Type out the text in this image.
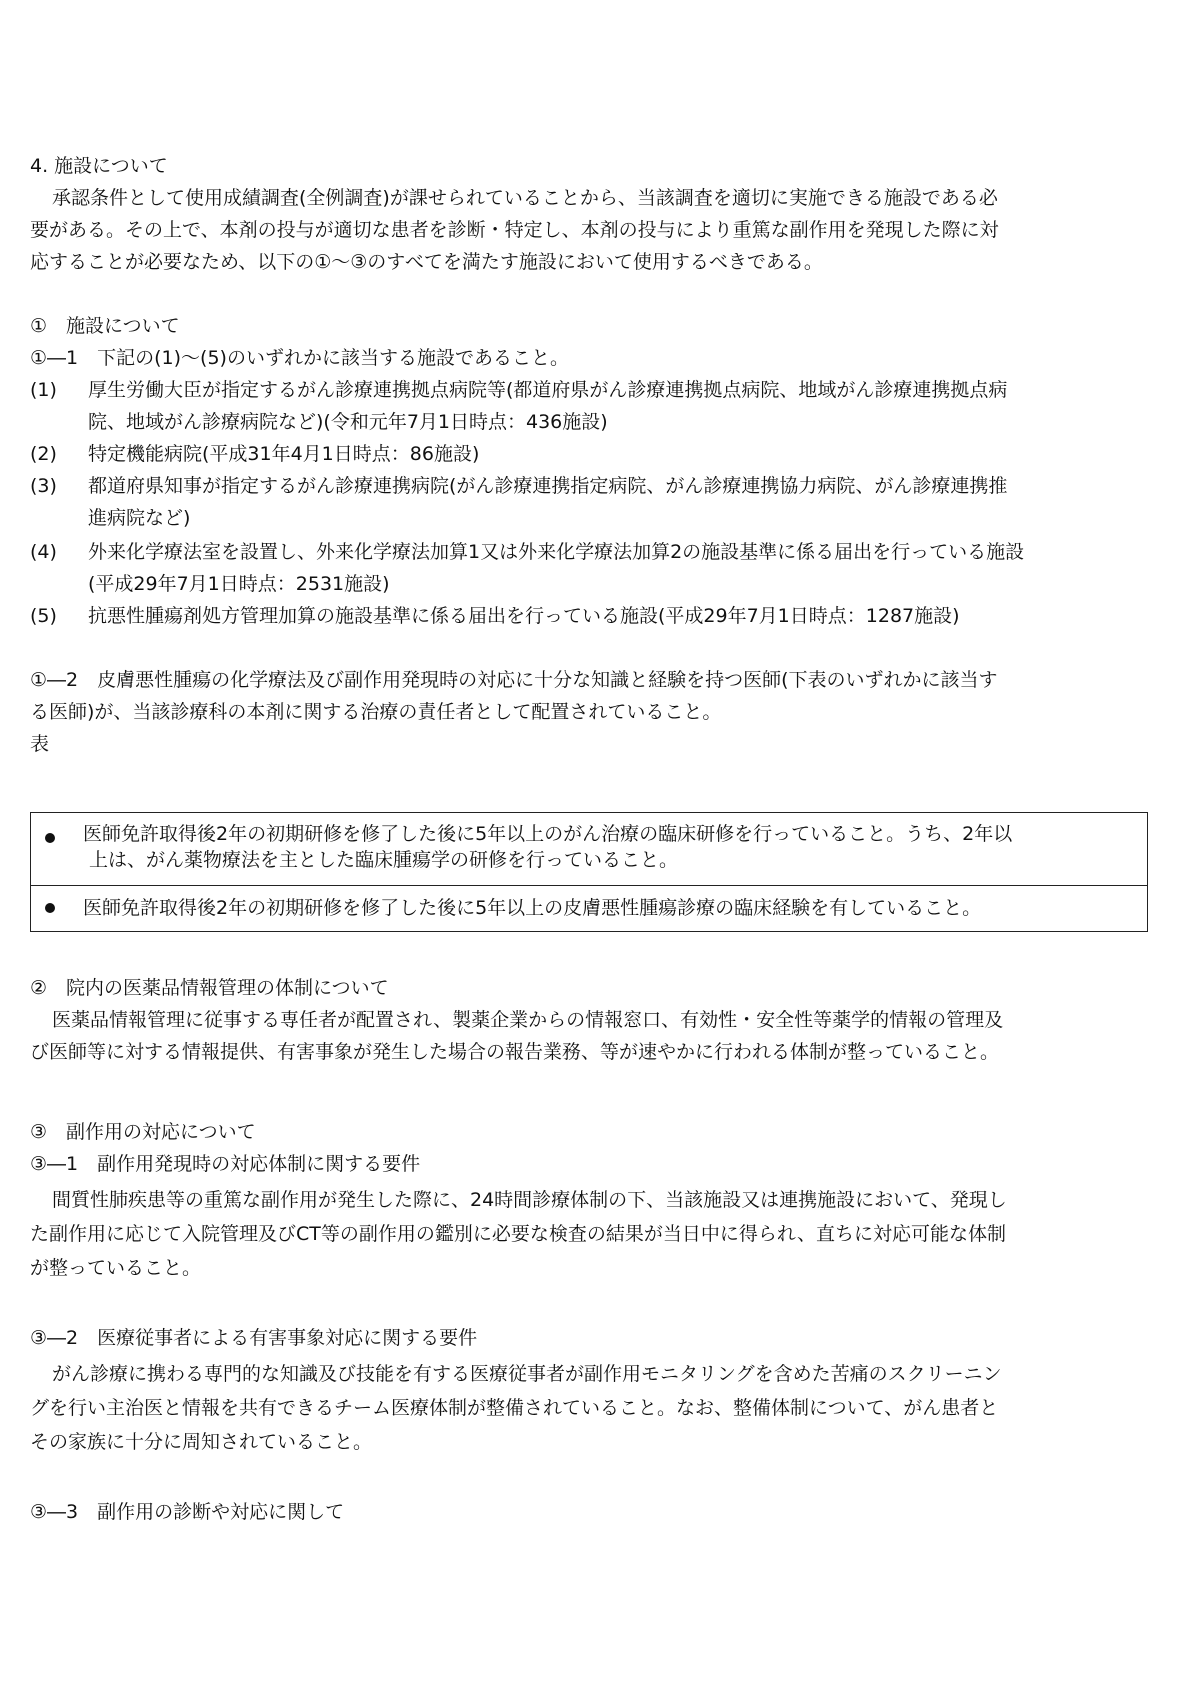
4. 施設について
承認条件として使用成績調査(全例調査)が課せられていることから、当該調査を適切に実施できる施設である必
要がある。その上で、本剤の投与が適切な患者を診断・特定し、本剤の投与により重篤な副作用を発現した際に対
応することが必要なため、以下の①～③のすべてを満たす施設において使用するべきである。
①　施設について
①―1　下記の(1)～(5)のいずれかに該当する施設であること。
(1) 厚生労働大臣が指定するがん診療連携拠点病院等(都道府県がん診療連携拠点病院、地域がん診療連携拠点病
院、地域がん診療病院など)(令和元年7月1日時点：436施設)
(2) 特定機能病院(平成31年4月1日時点：86施設)
(3) 都道府県知事が指定するがん診療連携病院(がん診療連携指定病院、がん診療連携協力病院、がん診療連携推
進病院など)
(4) 外来化学療法室を設置し、外来化学療法加算1又は外来化学療法加算2の施設基準に係る届出を行っている施設
(平成29年7月1日時点：2531施設)
(5) 抗悪性腫瘍剤処方管理加算の施設基準に係る届出を行っている施設(平成29年7月1日時点：1287施設)
①―2　皮膚悪性腫瘍の化学療法及び副作用発現時の対応に十分な知識と経験を持つ医師(下表のいずれかに該当す
る医師)が、当該診療科の本剤に関する治療の責任者として配置されていること。
表
医師免許取得後2年の初期研修を修了した後に5年以上のがん治療の臨床研修を行っていること。うち、2年以
上は、がん薬物療法を主とした臨床腫瘍学の研修を行っていること。
医師免許取得後2年の初期研修を修了した後に5年以上の皮膚悪性腫瘍診療の臨床経験を有していること。
②　院内の医薬品情報管理の体制について
医薬品情報管理に従事する専任者が配置され、製薬企業からの情報窓口、有効性・安全性等薬学的情報の管理及
び医師等に対する情報提供、有害事象が発生した場合の報告業務、等が速やかに行われる体制が整っていること。
③　副作用の対応について
③―1　副作用発現時の対応体制に関する要件
間質性肺疾患等の重篤な副作用が発生した際に、24時間診療体制の下、当該施設又は連携施設において、発現し
た副作用に応じて入院管理及びCT等の副作用の鑑別に必要な検査の結果が当日中に得られ、直ちに対応可能な体制
が整っていること。
③―2　医療従事者による有害事象対応に関する要件
がん診療に携わる専門的な知識及び技能を有する医療従事者が副作用モニタリングを含めた苦痛のスクリーニン
グを行い主治医と情報を共有できるチーム医療体制が整備されていること。なお、整備体制について、がん患者と
その家族に十分に周知されていること。
③―3　副作用の診断や対応に関して
